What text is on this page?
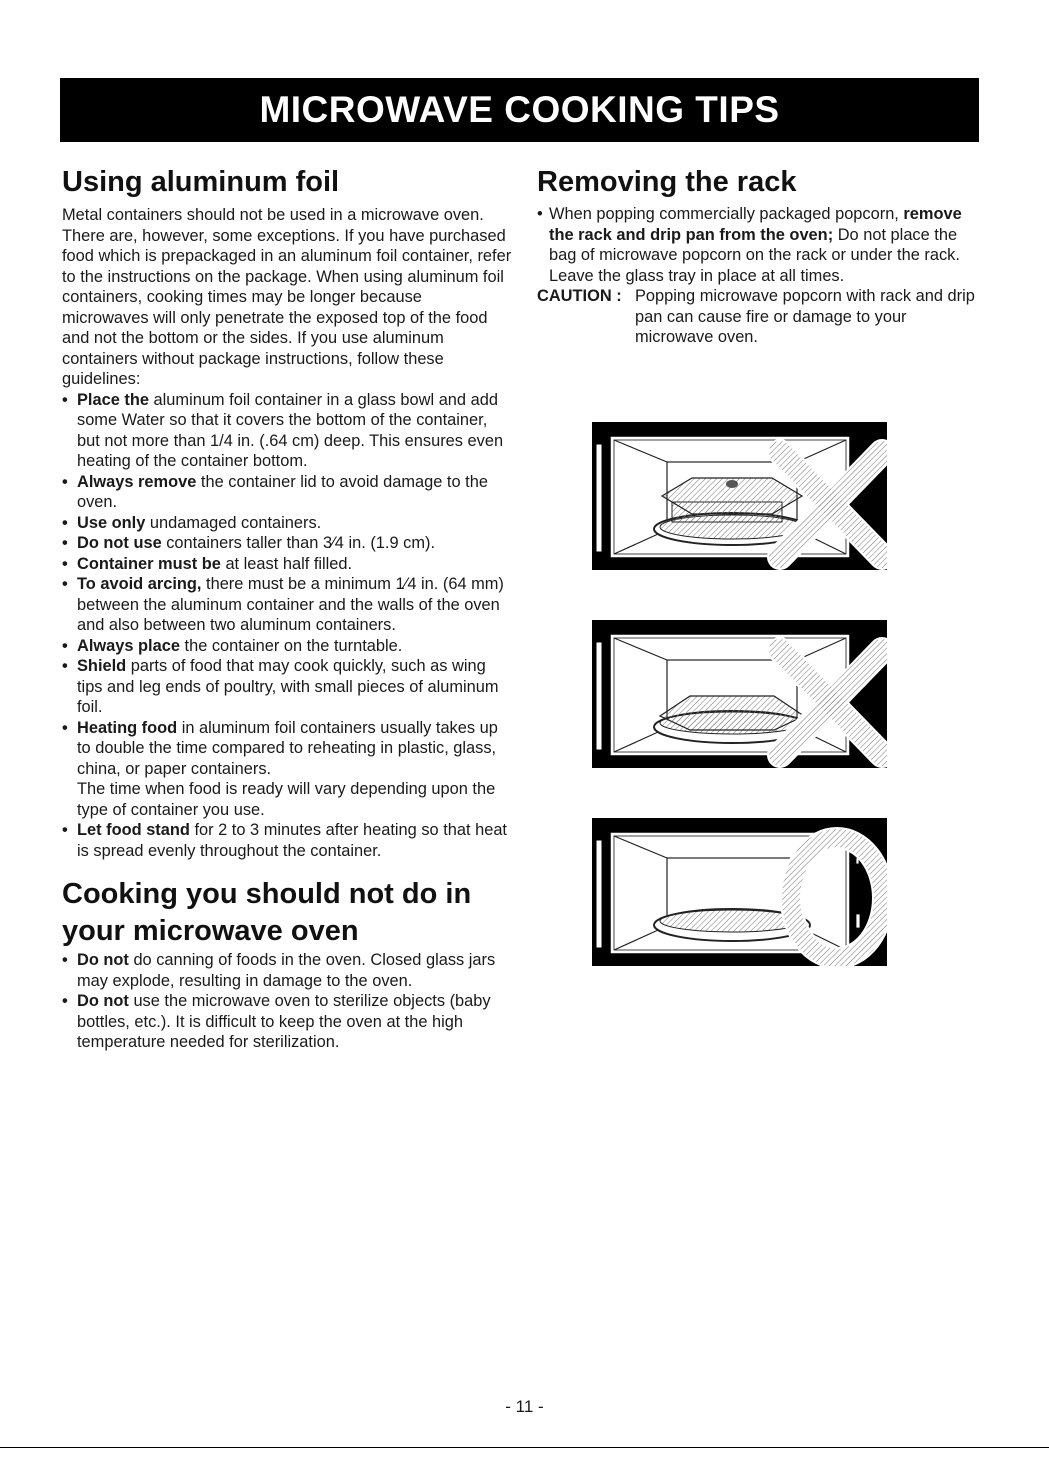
MICROWAVE COOKING TIPS
Using aluminum foil

Metal containers should not be used in a microwave oven. There are, however, some exceptions. If you have purchased food which is prepackaged in an aluminum foil container, refer to the instructions on the package. When using aluminum foil containers, cooking times may be longer because microwaves will only penetrate the exposed top of the food and not the bottom or the sides. If you use aluminum containers without package instructions, follow these guidelines:

• Place the aluminum foil container in a glass bowl and add some Water so that it covers the bottom of the container, but not more than 1/4 in. (.64 cm) deep. This ensures even heating of the container bottom.
• Always remove the container lid to avoid damage to the oven.
• Use only undamaged containers.
• Do not use containers taller than 3⁄4 in. (1.9 cm).
• Container must be at least half filled.
• To avoid arcing, there must be a minimum 1⁄4 in. (64 mm) between the aluminum container and the walls of the oven and also between two aluminum containers.
• Always place the container on the turntable.
• Shield parts of food that may cook quickly, such as wing tips and leg ends of poultry, with small pieces of aluminum foil.
• Heating food in aluminum foil containers usually takes up to double the time compared to reheating in plastic, glass, china, or paper containers.
The time when food is ready will vary depending upon the type of container you use.
• Let food stand for 2 to 3 minutes after heating so that heat is spread evenly throughout the container.
Cooking you should not do in your microwave oven
• Do not do canning of foods in the oven. Closed glass jars may explode, resulting in damage to the oven.
• Do not use the microwave oven to sterilize objects (baby bottles, etc.). It is difficult to keep the oven at the high temperature needed for sterilization.
Removing the rack
• When popping commercially packaged popcorn, remove the rack and drip pan from the oven; Do not place the bag of microwave popcorn on the rack or under the rack. Leave the glass tray in place at all times.
CAUTION : Popping microwave popcorn with rack and drip pan can cause fire or damage to your microwave oven.
- 11 -
